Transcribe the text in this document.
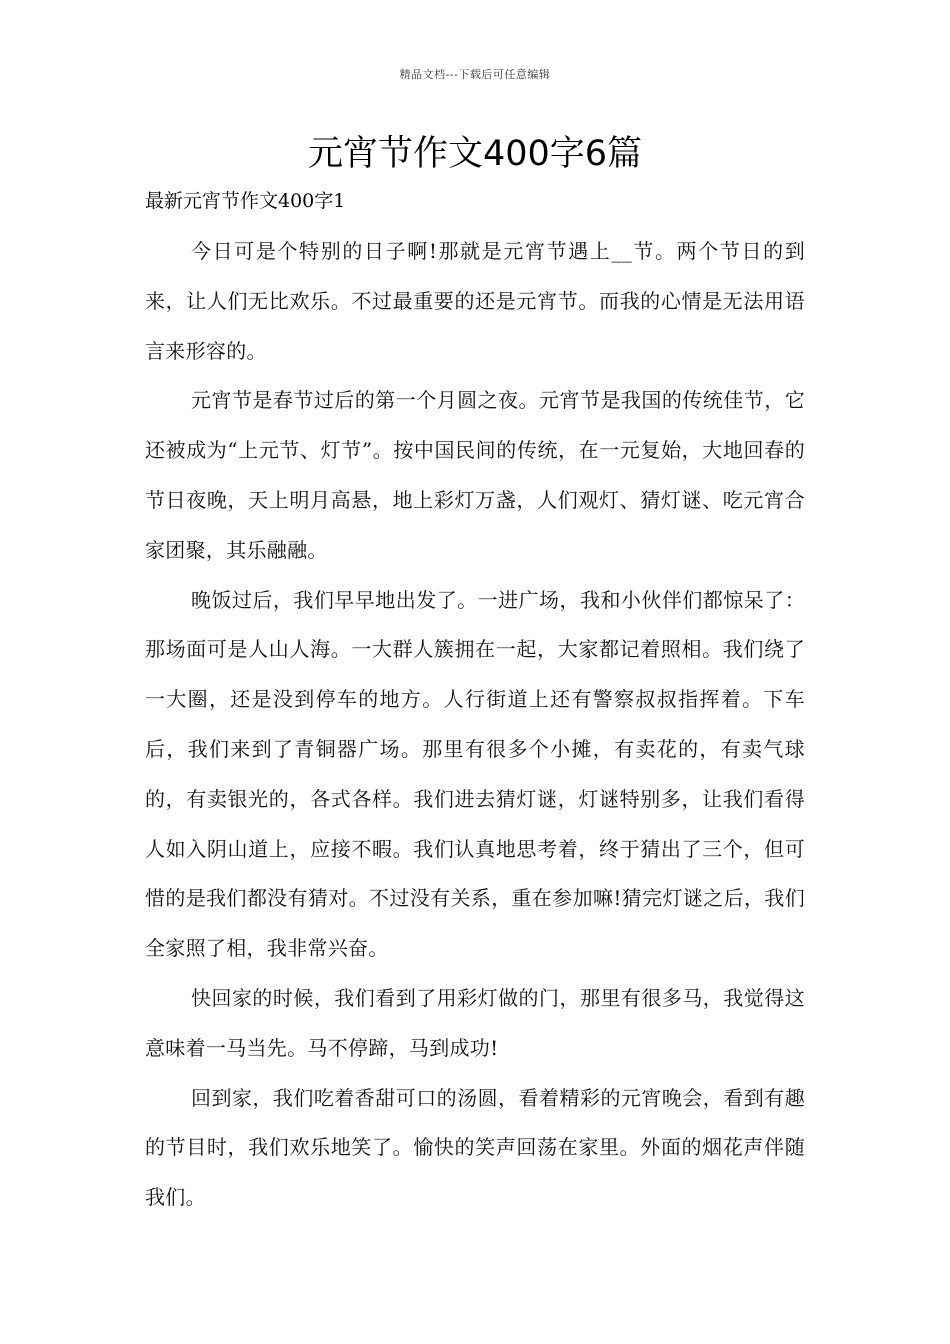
精品文档---下载后可任意编辑
元宵节作文400字6篇
最新元宵节作文400字1

今日可是个特别的日子啊!那就是元宵节遇上__节。两个节日的到来，让人们无比欢乐。不过最重要的还是元宵节。而我的心情是无法用语言来形容的。

元宵节是春节过后的第一个月圆之夜。元宵节是我国的传统佳节，它还被成为“上元节、灯节”。按中国民间的传统，在一元复始，大地回春的节日夜晚，天上明月高悬，地上彩灯万盏，人们观灯、猜灯谜、吃元宵合家团聚，其乐融融。

晚饭过后，我们早早地出发了。一进广场，我和小伙伴们都惊呆了：那场面可是人山人海。一大群人簇拥在一起，大家都记着照相。我们绕了一大圈，还是没到停车的地方。人行街道上还有警察叔叔指挥着。下车后，我们来到了青铜器广场。那里有很多个小摊，有卖花的，有卖气球的，有卖银光的，各式各样。我们进去猜灯谜，灯谜特别多，让我们看得人如入阴山道上，应接不暇。我们认真地思考着，终于猜出了三个，但可惜的是我们都没有猜对。不过没有关系，重在参加嘛!猜完灯谜之后，我们全家照了相，我非常兴奋。

快回家的时候，我们看到了用彩灯做的门，那里有很多马，我觉得这意味着一马当先。马不停蹄，马到成功!

回到家，我们吃着香甜可口的汤圆，看着精彩的元宵晚会，看到有趣的节目时，我们欢乐地笑了。愉快的笑声回荡在家里。外面的烟花声伴随我们。
